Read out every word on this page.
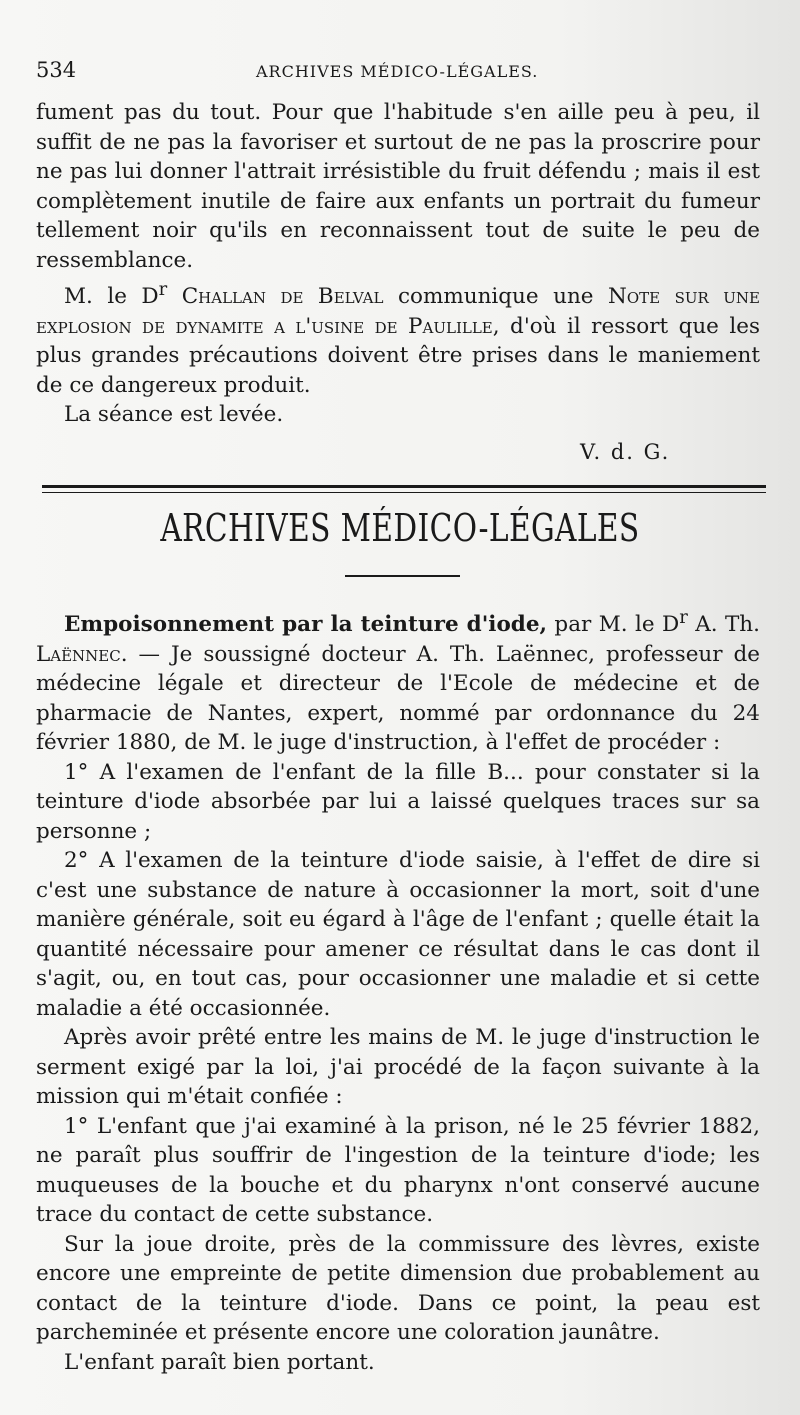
534	ARCHIVES MÉDICO-LÉGALES.

fument pas du tout. Pour que l'habitude s'en aille peu à peu, il suffit de ne pas la favoriser et surtout de ne pas la proscrire pour ne pas lui donner l'attrait irrésistible du fruit défendu ; mais il est complètement inutile de faire aux enfants un portrait du fumeur tellement noir qu'ils en reconnaissent tout de suite le peu de ressemblance.

M. le $D^r$ Challan de Belval communique une Note sur une explosion de dynamite a l'usine de Paulille, d'où il ressort que les plus grandes précautions doivent être prises dans le maniement de ce dangereux produit.

La séance est levée.

V. d. G.
ARCHIVES MÉDICO-LÉGALES

Empoisonnement par la teinture d'iode, par M. le $D^r$ A. Th. Laënnec. — Je soussigné docteur A. Th. Laënnec, professeur de médecine légale et directeur de l'Ecole de médecine et de pharmacie de Nantes, expert, nommé par ordonnance du 24 février 1880, de M. le juge d'instruction, à l'effet de procéder :

1° A l'examen de l'enfant de la fille B... pour constater si la teinture d'iode absorbée par lui a laissé quelques traces sur sa personne ;

2° A l'examen de la teinture d'iode saisie, à l'effet de dire si c'est une substance de nature à occasionner la mort, soit d'une manière générale, soit eu égard à l'âge de l'enfant ; quelle était la quantité nécessaire pour amener ce résultat dans le cas dont il s'agit, ou, en tout cas, pour occasionner une maladie et si cette maladie a été occasionnée.

Après avoir prêté entre les mains de M. le juge d'instruction le serment exigé par la loi, j'ai procédé de la façon suivante à la mission qui m'était confiée :

1° L'enfant que j'ai examiné à la prison, né le 25 février 1882, ne paraît plus souffrir de l'ingestion de la teinture d'iode; les muqueuses de la bouche et du pharynx n'ont conservé aucune trace du contact de cette substance.

Sur la joue droite, près de la commissure des lèvres, existe encore une empreinte de petite dimension due probablement au contact de la teinture d'iode. Dans ce point, la peau est parcheminée et présente encore une coloration jaunâtre.

L'enfant paraît bien portant.
